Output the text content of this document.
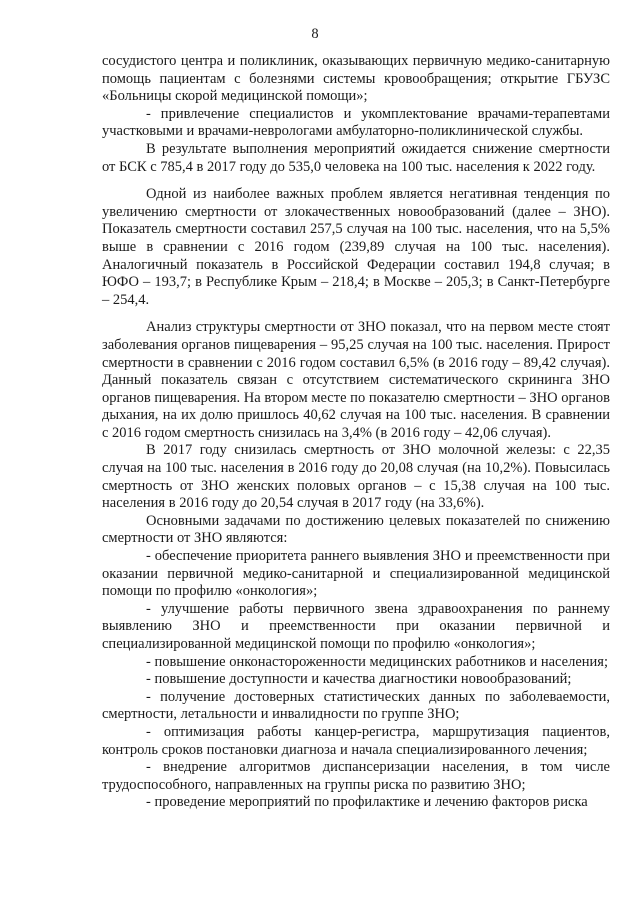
8

сосудистого центра и поликлиник, оказывающих первичную медико-санитарную помощь пациентам с болезнями системы кровообращения; открытие ГБУЗС «Больницы скорой медицинской помощи»;

- привлечение специалистов и укомплектование врачами-терапевтами участковыми и врачами-неврологами амбулаторно-поликлинической службы.

В результате выполнения мероприятий ожидается снижение смертности от БСК с 785,4 в 2017 году до 535,0 человека на 100 тыс. населения к 2022 году.

Одной из наиболее важных проблем является негативная тенденция по увеличению смертности от злокачественных новообразований (далее – ЗНО). Показатель смертности составил 257,5 случая на 100 тыс. населения, что на 5,5% выше в сравнении с 2016 годом (239,89 случая на 100 тыс. населения). Аналогичный показатель в Российской Федерации составил 194,8 случая; в ЮФО – 193,7; в Республике Крым – 218,4; в Москве – 205,3; в Санкт-Петербурге – 254,4.

Анализ структуры смертности от ЗНО показал, что на первом месте стоят заболевания органов пищеварения – 95,25 случая на 100 тыс. населения. Прирост смертности в сравнении с 2016 годом составил 6,5% (в 2016 году – 89,42 случая). Данный показатель связан с отсутствием систематического скрининга ЗНО органов пищеварения. На втором месте по показателю смертности – ЗНО органов дыхания, на их долю пришлось 40,62 случая на 100 тыс. населения. В сравнении с 2016 годом смертность снизилась на 3,4% (в 2016 году – 42,06 случая).

В 2017 году снизилась смертность от ЗНО молочной железы: с 22,35 случая на 100 тыс. населения в 2016 году до 20,08 случая (на 10,2%). Повысилась смертность от ЗНО женских половых органов – с 15,38 случая на 100 тыс. населения в 2016 году до 20,54 случая в 2017 году (на 33,6%).

Основными задачами по достижению целевых показателей по снижению смертности от ЗНО являются:

- обеспечение приоритета раннего выявления ЗНО и преемственности при оказании первичной медико-санитарной и специализированной медицинской помощи по профилю «онкология»;

- улучшение работы первичного звена здравоохранения по раннему выявлению ЗНО и преемственности при оказании первичной и специализированной медицинской помощи по профилю «онкология»;

- повышение онконастороженности медицинских работников и населения;

- повышение доступности и качества диагностики новообразований;

- получение достоверных статистических данных по заболеваемости, смертности, летальности и инвалидности по группе ЗНО;

- оптимизация работы канцер-регистра, маршрутизация пациентов, контроль сроков постановки диагноза и начала специализированного лечения;

- внедрение алгоритмов диспансеризации населения, в том числе трудоспособного, направленных на группы риска по развитию ЗНО;

- проведение мероприятий по профилактике и лечению факторов риска
